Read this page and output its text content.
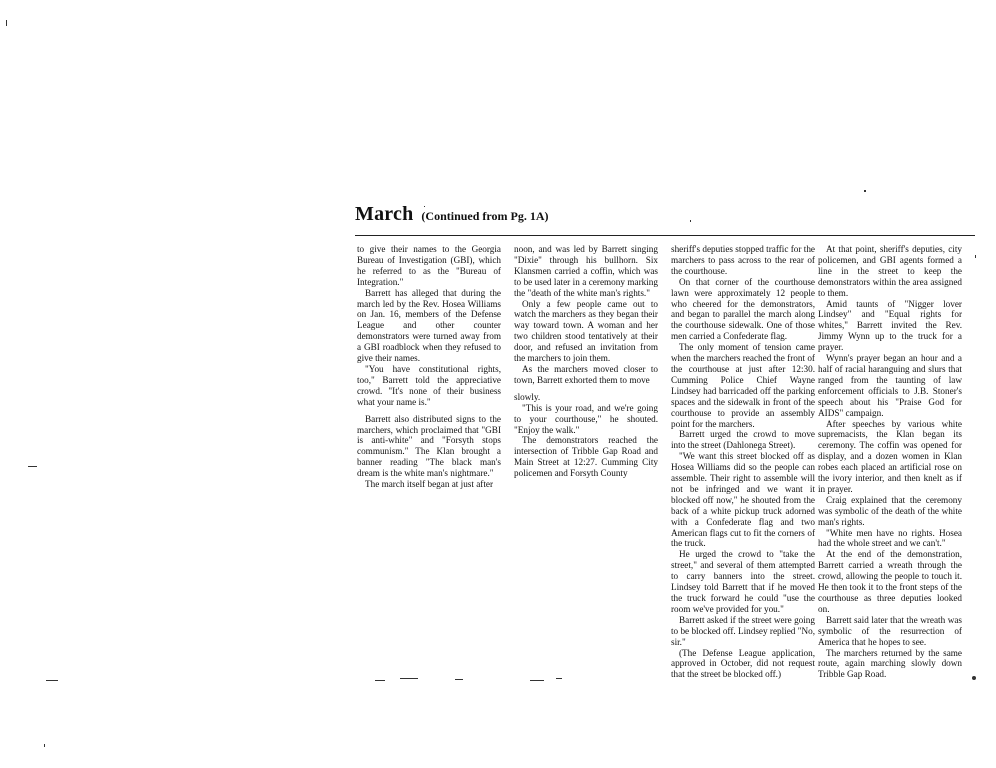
March (Continued from Pg. 1A)

to give their names to the Georgia Bureau of Investigation (GBI), which he referred to as the "Bureau of Integration."

Barrett has alleged that during the march led by the Rev. Hosea Williams on Jan. 16, members of the Defense League and other counter demonstrators were turned away from a GBI roadblock when they refused to give their names.

"You have constitutional rights, too," Barrett told the appreciative crowd. "It's none of their business what your name is."

Barrett also distributed signs to the marchers, which proclaimed that "GBI is anti-white" and "Forsyth stops communism." The Klan brought a banner reading "The black man's dream is the white man's nightmare."

The march itself began at just after

noon, and was led by Barrett singing "Dixie" through his bullhorn. Six Klansmen carried a coffin, which was to be used later in a ceremony marking the "death of the white man's rights."

Only a few people came out to watch the marchers as they began their way toward town. A woman and her two children stood tentatively at their door, and refused an invitation from the marchers to join them.

As the marchers moved closer to town, Barrett exhorted them to move

slowly.

"This is your road, and we're going to your courthouse," he shouted. "Enjoy the walk."

The demonstrators reached the intersection of Tribble Gap Road and Main Street at 12:27. Cumming City policemen and Forsyth County

sheriff's deputies stopped traffic for the marchers to pass across to the rear of the courthouse.

On that corner of the courthouse lawn were approximately 12 people who cheered for the demonstrators, and began to parallel the march along the courthouse sidewalk. One of those men carried a Confederate flag.

The only moment of tension came when the marchers reached the front of the courthouse at just after 12:30. Cumming Police Chief Wayne Lindsey had barricaded off the parking spaces and the sidewalk in front of the courthouse to provide an assembly point for the marchers.

Barrett urged the crowd to move into the street (Dahlonega Street).

"We want this street blocked off as Hosea Williams did so the people can assemble. Their right to assemble will not be infringed and we want it blocked off now," he shouted from the back of a white pickup truck adorned with a Confederate flag and two American flags cut to fit the corners of the truck.

He urged the crowd to "take the street," and several of them attempted to carry banners into the street. Lindsey told Barrett that if he moved the truck forward he could "use the room we've provided for you."

Barrett asked if the street were going to be blocked off. Lindsey replied "No, sir."

(The Defense League application, approved in October, did not request that the street be blocked off.)

At that point, sheriff's deputies, city policemen, and GBI agents formed a line in the street to keep the demonstrators within the area assigned to them.

Amid taunts of "Nigger lover Lindsey" and "Equal rights for whites," Barrett invited the Rev. Jimmy Wynn up to the truck for a prayer.

Wynn's prayer began an hour and a half of racial haranguing and slurs that ranged from the taunting of law enforcement officials to J.B. Stoner's speech about his "Praise God for AIDS" campaign.

After speeches by various white supremacists, the Klan began its ceremony. The coffin was opened for display, and a dozen women in Klan robes each placed an artificial rose on the ivory interior, and then knelt as if in prayer.

Craig explained that the ceremony was symbolic of the death of the white man's rights.

"White men have no rights. Hosea had the whole street and we can't."

At the end of the demonstration, Barrett carried a wreath through the crowd, allowing the people to touch it. He then took it to the front steps of the courthouse as three deputies looked on.

Barrett said later that the wreath was symbolic of the resurrection of America that he hopes to see.

The marchers returned by the same route, again marching slowly down Tribble Gap Road.
